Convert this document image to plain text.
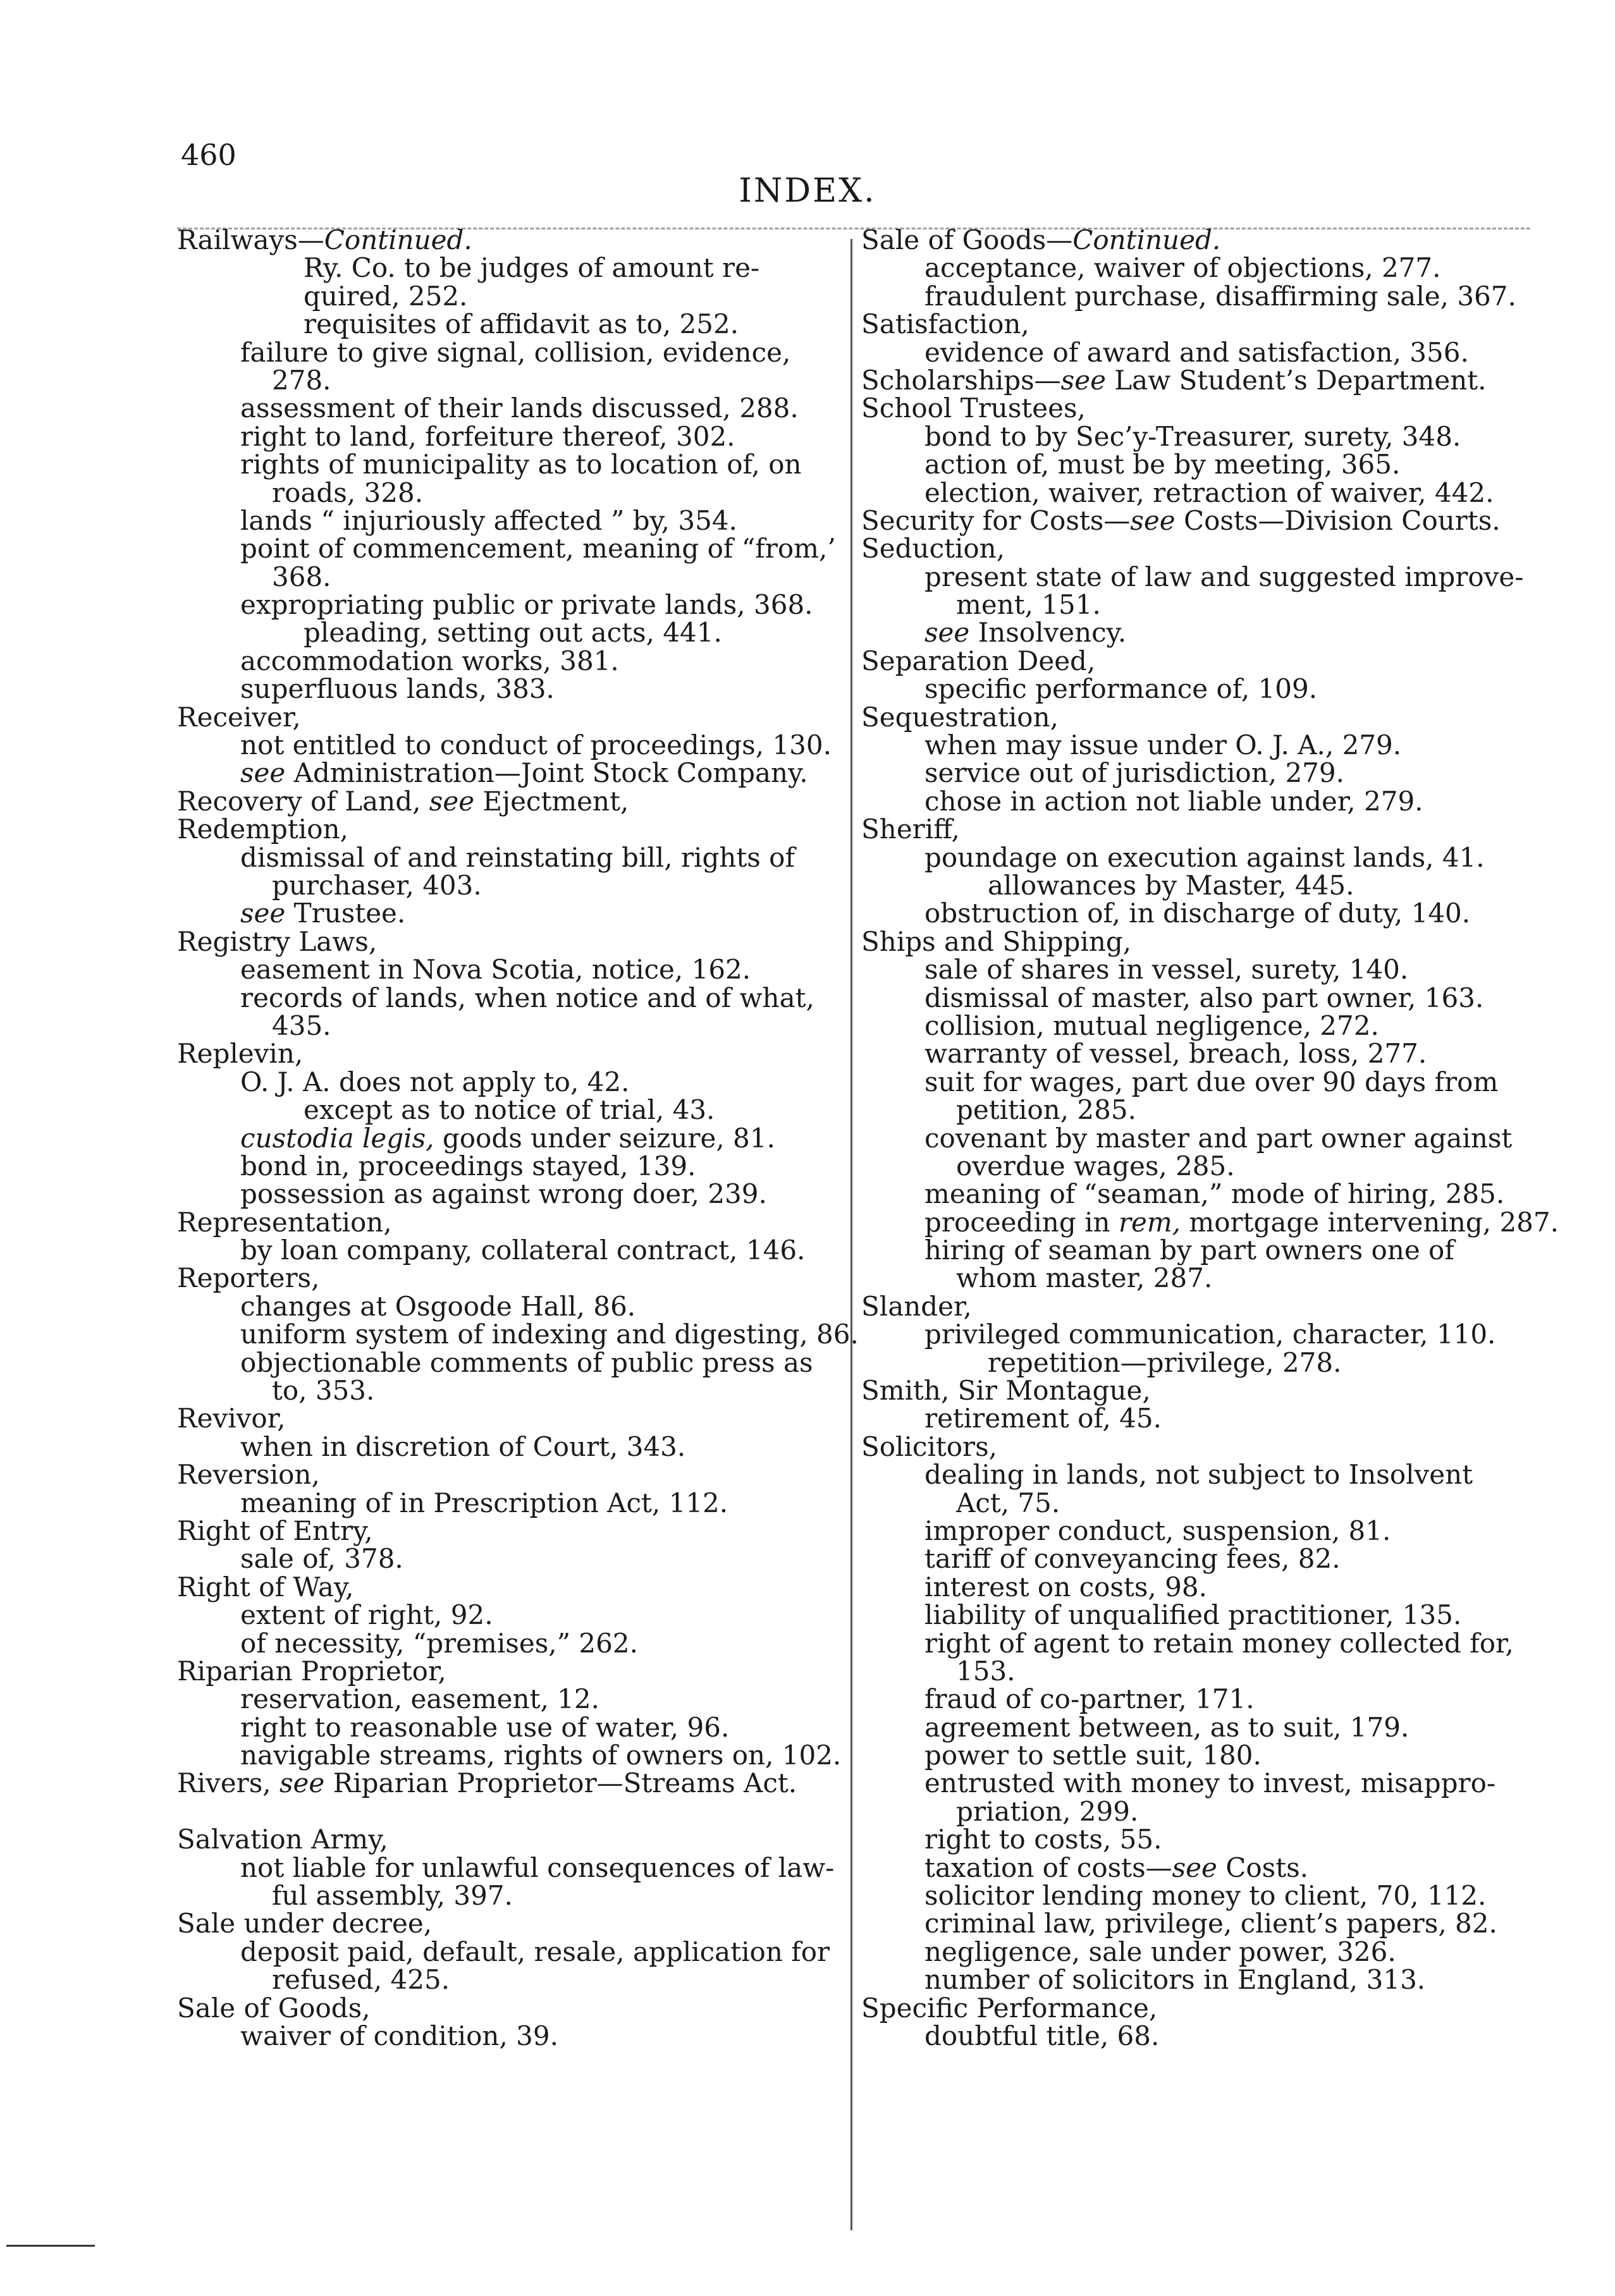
460
INDEX.
Railways—Continued.
Ry. Co. to be judges of amount re-
quired, 252.
requisites of affidavit as to, 252.
failure to give signal, collision, evidence,
278.
assessment of their lands discussed, 288.
right to land, forfeiture thereof, 302.
rights of municipality as to location of, on
roads, 328.
lands “ injuriously affected ” by, 354.
point of commencement, meaning of “from,’
368.
expropriating public or private lands, 368.
pleading, setting out acts, 441.
accommodation works, 381.
superfluous lands, 383.
Receiver,
not entitled to conduct of proceedings, 130.
see Administration—Joint Stock Company.
Recovery of Land, see Ejectment,
Redemption,
dismissal of and reinstating bill, rights of
purchaser, 403.
see Trustee.
Registry Laws,
easement in Nova Scotia, notice, 162.
records of lands, when notice and of what,
435.
Replevin,
O. J. A. does not apply to, 42.
except as to notice of trial, 43.
custodia legis, goods under seizure, 81.
bond in, proceedings stayed, 139.
possession as against wrong doer, 239.
Representation,
by loan company, collateral contract, 146.
Reporters,
changes at Osgoode Hall, 86.
uniform system of indexing and digesting, 86.
objectionable comments of public press as
to, 353.
Revivor,
when in discretion of Court, 343.
Reversion,
meaning of in Prescription Act, 112.
Right of Entry,
sale of, 378.
Right of Way,
extent of right, 92.
of necessity, “premises,” 262.
Riparian Proprietor,
reservation, easement, 12.
right to reasonable use of water, 96.
navigable streams, rights of owners on, 102.
Rivers, see Riparian Proprietor—Streams Act.
Salvation Army,
not liable for unlawful consequences of law-
ful assembly, 397.
Sale under decree,
deposit paid, default, resale, application for
refused, 425.
Sale of Goods,
waiver of condition, 39.
Sale of Goods—Continued.
acceptance, waiver of objections, 277.
fraudulent purchase, disaffirming sale, 367.
Satisfaction,
evidence of award and satisfaction, 356.
Scholarships—see Law Student’s Department.
School Trustees,
bond to by Sec’y-Treasurer, surety, 348.
action of, must be by meeting, 365.
election, waiver, retraction of waiver, 442.
Security for Costs—see Costs—Division Courts.
Seduction,
present state of law and suggested improve-
ment, 151.
see Insolvency.
Separation Deed,
specific performance of, 109.
Sequestration,
when may issue under O. J. A., 279.
service out of jurisdiction, 279.
chose in action not liable under, 279.
Sheriff,
poundage on execution against lands, 41.
allowances by Master, 445.
obstruction of, in discharge of duty, 140.
Ships and Shipping,
sale of shares in vessel, surety, 140.
dismissal of master, also part owner, 163.
collision, mutual negligence, 272.
warranty of vessel, breach, loss, 277.
suit for wages, part due over 90 days from
petition, 285.
covenant by master and part owner against
overdue wages, 285.
meaning of “seaman,” mode of hiring, 285.
proceeding in rem, mortgage intervening, 287.
hiring of seaman by part owners one of
whom master, 287.
Slander,
privileged communication, character, 110.
repetition—privilege, 278.
Smith, Sir Montague,
retirement of, 45.
Solicitors,
dealing in lands, not subject to Insolvent
Act, 75.
improper conduct, suspension, 81.
tariff of conveyancing fees, 82.
interest on costs, 98.
liability of unqualified practitioner, 135.
right of agent to retain money collected for,
153.
fraud of co-partner, 171.
agreement between, as to suit, 179.
power to settle suit, 180.
entrusted with money to invest, misappro-
priation, 299.
right to costs, 55.
taxation of costs—see Costs.
solicitor lending money to client, 70, 112.
criminal law, privilege, client’s papers, 82.
negligence, sale under power, 326.
number of solicitors in England, 313.
Specific Performance,
doubtful title, 68.
